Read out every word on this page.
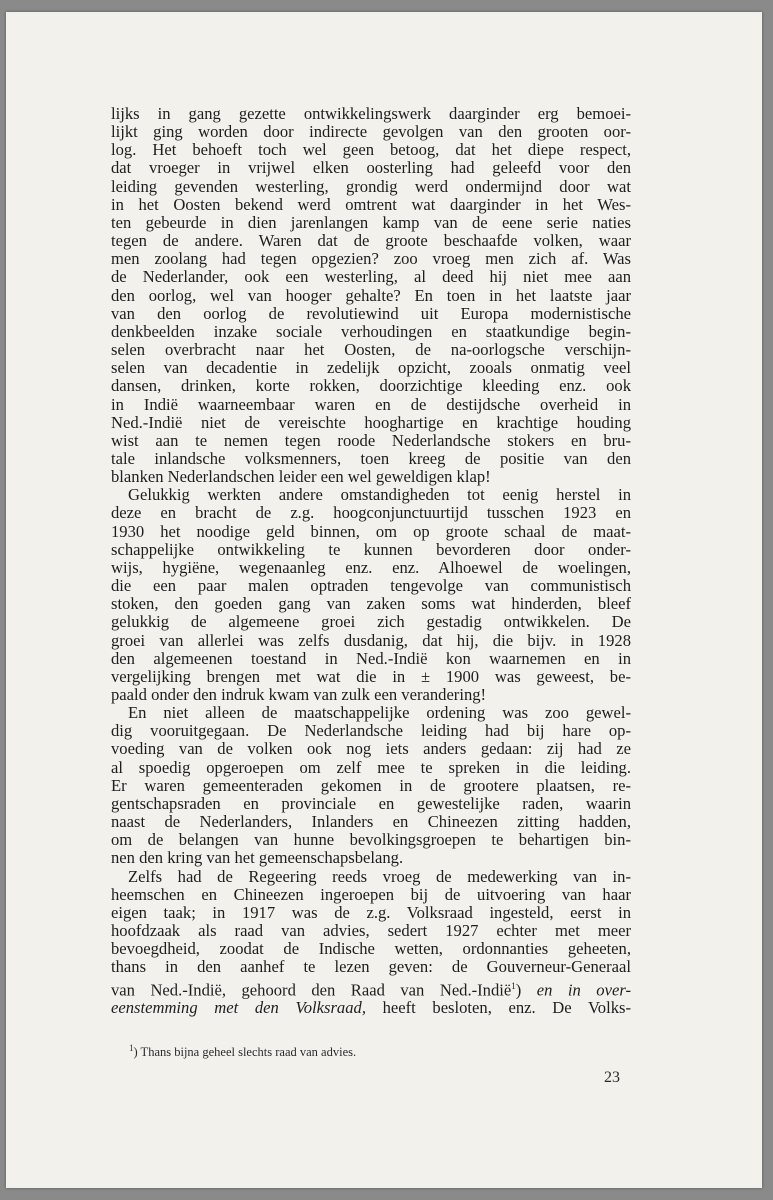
lijks in gang gezette ontwikkelingswerk daarginder erg bemoei-
lijkt ging worden door indirecte gevolgen van den grooten oor-
log. Het behoeft toch wel geen betoog, dat het diepe respect,
dat vroeger in vrijwel elken oosterling had geleefd voor den
leiding gevenden westerling, grondig werd ondermijnd door wat
in het Oosten bekend werd omtrent wat daarginder in het Wes-
ten gebeurde in dien jarenlangen kamp van de eene serie naties
tegen de andere. Waren dat de groote beschaafde volken, waar
men zoolang had tegen opgezien? zoo vroeg men zich af. Was
de Nederlander, ook een westerling, al deed hij niet mee aan
den oorlog, wel van hooger gehalte? En toen in het laatste jaar
van den oorlog de revolutiewind uit Europa modernistische
denkbeelden inzake sociale verhoudingen en staatkundige begin-
selen overbracht naar het Oosten, de na-oorlogsche verschijn-
selen van decadentie in zedelijk opzicht, zooals onmatig veel
dansen, drinken, korte rokken, doorzichtige kleeding enz. ook
in Indië waarneembaar waren en de destijdsche overheid in
Ned.-Indië niet de vereischte hooghartige en krachtige houding
wist aan te nemen tegen roode Nederlandsche stokers en bru-
tale inlandsche volksmenners, toen kreeg de positie van den
blanken Nederlandschen leider een wel geweldigen klap!
Gelukkig werkten andere omstandigheden tot eenig herstel in
deze en bracht de z.g. hoogconjunctuurtijd tusschen 1923 en
1930 het noodige geld binnen, om op groote schaal de maat-
schappelijke ontwikkeling te kunnen bevorderen door onder-
wijs, hygiëne, wegenaanleg enz. enz. Alhoewel de woelingen,
die een paar malen optraden tengevolge van communistisch
stoken, den goeden gang van zaken soms wat hinderden, bleef
gelukkig de algemeene groei zich gestadig ontwikkelen. De
groei van allerlei was zelfs dusdanig, dat hij, die bijv. in 1928
den algemeenen toestand in Ned.-Indië kon waarnemen en in
vergelijking brengen met wat die in ± 1900 was geweest, be-
paald onder den indruk kwam van zulk een verandering!
En niet alleen de maatschappelijke ordening was zoo gewel-
dig vooruitgegaan. De Nederlandsche leiding had bij hare op-
voeding van de volken ook nog iets anders gedaan: zij had ze
al spoedig opgeroepen om zelf mee te spreken in die leiding.
Er waren gemeenteraden gekomen in de grootere plaatsen, re-
gentschapsraden en provinciale en gewestelijke raden, waarin
naast de Nederlanders, Inlanders en Chineezen zitting hadden,
om de belangen van hunne bevolkingsgroepen te behartigen bin-
nen den kring van het gemeenschapsbelang.
Zelfs had de Regeering reeds vroeg de medewerking van in-
heemschen en Chineezen ingeroepen bij de uitvoering van haar
eigen taak; in 1917 was de z.g. Volksraad ingesteld, eerst in
hoofdzaak als raad van advies, sedert 1927 echter met meer
bevoegdheid, zoodat de Indische wetten, ordonnanties geheeten,
thans in den aanhef te lezen geven: de Gouverneur-Generaal
van Ned.-Indië, gehoord den Raad van Ned.-Indië$^1$) en in over-
eenstemming met den Volksraad, heeft besloten, enz. De Volks-
$^1$) Thans bijna geheel slechts raad van advies.
23
